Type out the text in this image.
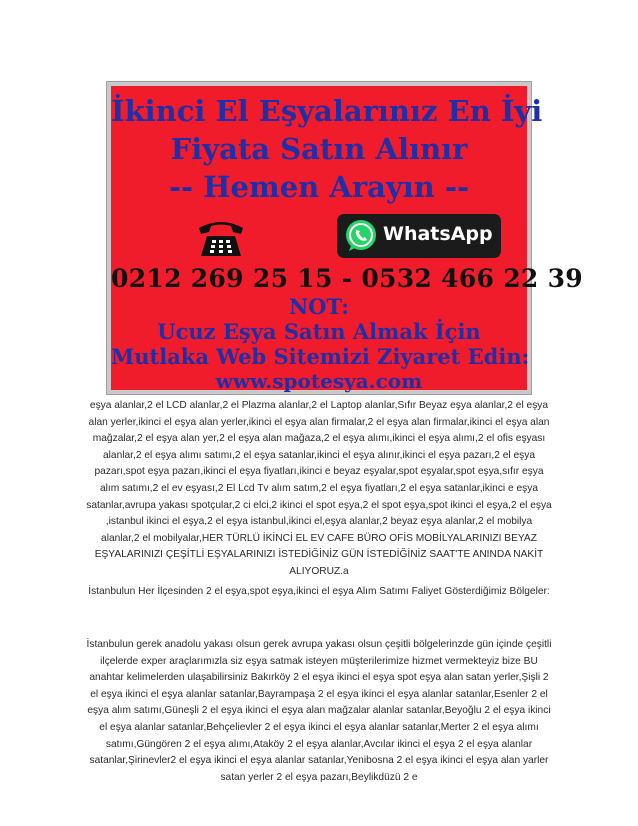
İkinci El Eşyalarınız En İyi
Fiyata Satın Alınır
-- Hemen Arayın --
WhatsApp
0212 269 25 15 - 0532 466 22 39
NOT:
Ucuz Eşya Satın Almak İçin
Mutlaka Web Sitemizi Ziyaret Edin:
www.spotesya.com

eşya alanlar,2 el LCD alanlar,2 el Plazma alanlar,2 el Laptop alanlar,Sıfır Beyaz eşya alanlar,2 el eşya alan yerler,ikinci el eşya alan yerler,ikinci el eşya alan firmalar,2 el eşya alan firmalar,ikinci el eşya alan mağzalar,2 el eşya alan yer,2 el eşya alan mağaza,2 el eşya alımı,ikinci el eşya alımı,2 el ofis eşyası alanlar,2 el eşya alımı satımı,2 el eşya satanlar,ikinci el eşya alınır,ikinci el eşya pazarı,2 el eşya pazarı,spot eşya pazarı,ikinci el eşya fiyatları,ikinci e beyaz eşyalar,spot eşyalar,spot eşya,sıfır eşya alım satımı,2 el ev eşyası,2 El Lcd Tv alım satım,2 el eşya fiyatları,2 el eşya satanlar,ikinci e eşya satanlar,avrupa yakası spotçular,2 ci elci,2 ikinci el spot eşya,2 el spot eşya,spot ikinci el eşya,2 el eşya ,istanbul ikinci el eşya,2 el eşya istanbul,ikinci el,eşya alanlar,2 beyaz eşya alanlar,2 el mobilya alanlar,2 el mobilyalar,HER TÜRLÜ İKİNCİ EL EV CAFE BÜRO OFİS MOBİLYALARINIZI BEYAZ EŞYALARINIZI ÇEŞİTLİ EŞYALARINIZI İSTEDİĞİNİZ GÜN İSTEDİĞİNİZ SAAT'TE ANINDA NAKİT ALIYORUZ.a

İstanbulun Her İlçesinden 2 el eşya,spot eşya,ikinci el eşya Alım Satımı Faliyet Gösterdiğimiz Bölgeler:

İstanbulun gerek anadolu yakası olsun gerek avrupa yakası olsun çeşitli bölgelerinzde gün içinde çeşitli ilçelerde exper araçlarımızla siz eşya satmak isteyen müşterilerimize hizmet vermekteyiz bize BU anahtar kelimelerden ulaşabilirsiniz Bakırköy 2 el eşya ikinci el eşya spot eşya alan satan yerler,Şişli 2 el eşya ikinci el eşya alanlar satanlar,Bayrampaşa 2 el eşya ikinci el eşya alanlar satanlar,Esenler 2 el eşya alım satımı,Güneşli 2 el eşya ikinci el eşya alan mağzalar alanlar satanlar,Beyoğlu 2 el eşya ikinci el eşya alanlar satanlar,Behçelievler 2 el eşya ikinci el eşya alanlar satanlar,Merter 2 el eşya alımı satımı,Güngören 2 el eşya alımı,Ataköy 2 el eşya alanlar,Avcılar ikinci el eşya 2 el eşya alanlar satanlar,Şirinevler2 el eşya ikinci el eşya alanlar satanlar,Yenibosna 2 el eşya ikinci el eşya alan yarler satan yerler 2 el eşya pazarı,Beylikdüzü 2 e
